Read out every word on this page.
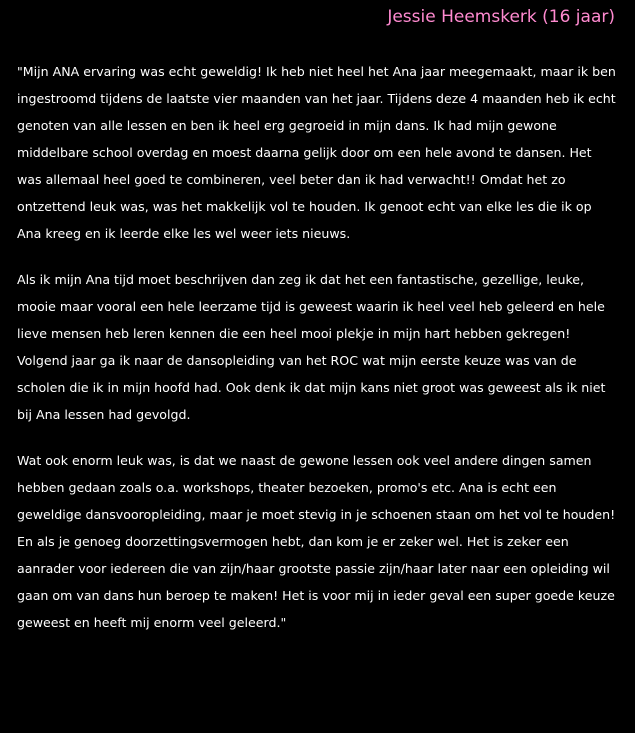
Jessie Heemskerk (16 jaar)
"Mijn ANA ervaring was echt geweldig! Ik heb niet heel het Ana jaar meegemaakt, maar ik ben
ingestroomd tijdens de laatste vier maanden van het jaar. Tijdens deze 4 maanden heb ik echt
genoten van alle lessen en ben ik heel erg gegroeid in mijn dans. Ik had mijn gewone
middelbare school overdag en moest daarna gelijk door om een hele avond te dansen. Het
was allemaal heel goed te combineren, veel beter dan ik had verwacht!! Omdat het zo
ontzettend leuk was, was het makkelijk vol te houden. Ik genoot echt van elke les die ik op
Ana kreeg en ik leerde elke les wel weer iets nieuws.
Als ik mijn Ana tijd moet beschrijven dan zeg ik dat het een fantastische, gezellige, leuke,
mooie maar vooral een hele leerzame tijd is geweest waarin ik heel veel heb geleerd en hele
lieve mensen heb leren kennen die een heel mooi plekje in mijn hart hebben gekregen!
Volgend jaar ga ik naar de dansopleiding van het ROC wat mijn eerste keuze was van de
scholen die ik in mijn hoofd had. Ook denk ik dat mijn kans niet groot was geweest als ik niet
bij Ana lessen had gevolgd.
Wat ook enorm leuk was, is dat we naast de gewone lessen ook veel andere dingen samen
hebben gedaan zoals o.a. workshops, theater bezoeken, promo's etc. Ana is echt een
geweldige dansvooropleiding, maar je moet stevig in je schoenen staan om het vol te houden!
En als je genoeg doorzettingsvermogen hebt, dan kom je er zeker wel. Het is zeker een
aanrader voor iedereen die van zijn/haar grootste passie zijn/haar later naar een opleiding wil
gaan om van dans hun beroep te maken! Het is voor mij in ieder geval een super goede keuze
geweest en heeft mij enorm veel geleerd."
